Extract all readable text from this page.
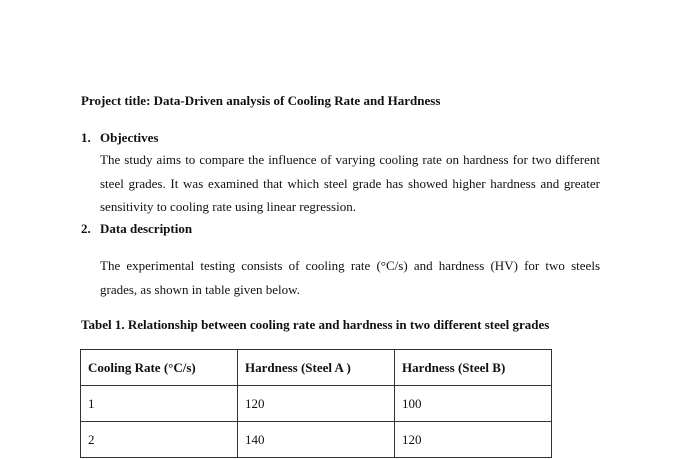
Project title: Data-Driven analysis of Cooling Rate and Hardness
1. Objectives
The study aims to compare the influence of varying cooling rate on hardness for two different
steel grades. It was examined that which steel grade has showed higher hardness and greater
sensitivity to cooling rate using linear regression.
2. Data description
The experimental testing consists of cooling rate (°C/s) and hardness (HV) for two steels
grades, as shown in table given below.
Tabel 1. Relationship between cooling rate and hardness in two different steel grades
Cooling Rate (°C/s)	Hardness (Steel A )	Hardness (Steel B)
1	120	100
2	140	120
